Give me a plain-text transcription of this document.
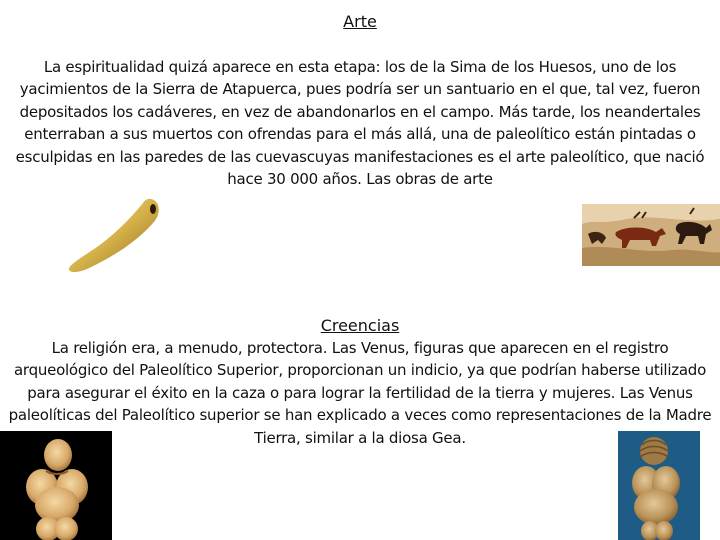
Arte
La espiritualidad quizá aparece en esta etapa: los de la Sima de los Huesos, uno de los yacimientos de la Sierra de Atapuerca, pues podría ser un santuario en el que, tal vez, fueron depositados los cadáveres, en vez de abandonarlos en el campo. Más tarde, los neandertales enterraban a sus muertos con ofrendas para el más allá, una de paleolítico están pintadas o esculpidas en las paredes de las cuevascuyas manifestaciones es el arte paleolítico, que nació hace 30 000 años. Las obras de arte
Creencias
La religión era, a menudo, protectora. Las Venus, figuras que aparecen en el registro arqueológico del Paleolítico Superior, proporcionan un indicio, ya que podrían haberse utilizado para asegurar el éxito en la caza o para lograr la fertilidad de la tierra y mujeres. Las Venus paleolíticas del Paleolítico superior se han explicado a veces como representaciones de la Madre Tierra, similar a la diosa Gea.
